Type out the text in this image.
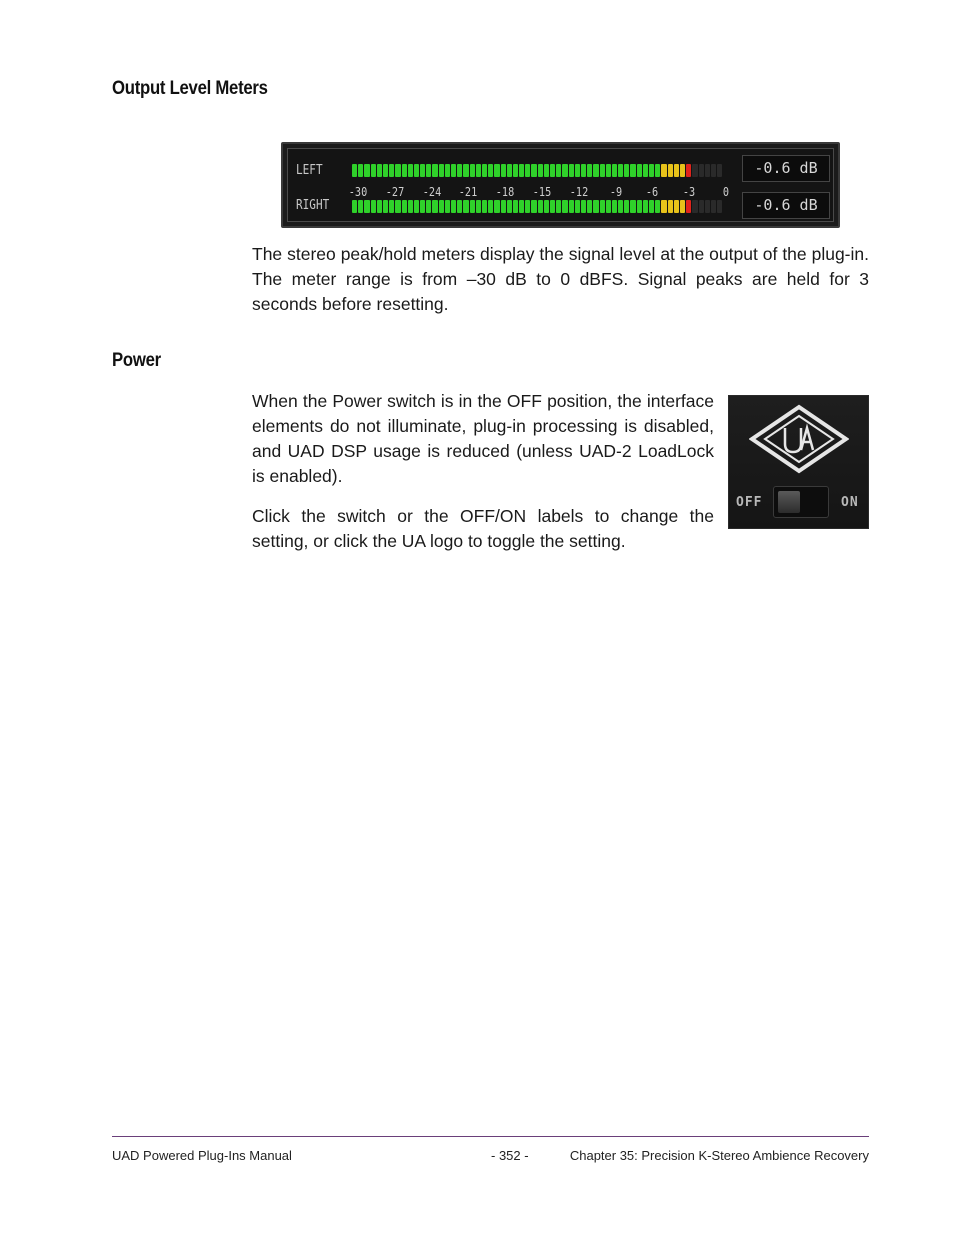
Output Level Meters
LEFT
RIGHT
-30 -27 -24 -21 -18 -15 -12 -9 -6 -3 0
-0.6 dB
-0.6 dB

The stereo peak/hold meters display the signal level at the output of the plug-in. The meter range is from –30 dB to 0 dBFS. Signal peaks are held for 3 seconds before resetting.

Power

When the Power switch is in the OFF position, the interface elements do not illuminate, plug-in processing is disabled, and UAD DSP usage is reduced (unless UAD-2 LoadLock is enabled).

Click the switch or the OFF/ON labels to change the setting, or click the UA logo to toggle the setting.

OFF	ON
UAD Powered Plug-Ins Manual	- 352 -	Chapter 35: Precision K-Stereo Ambience Recovery
